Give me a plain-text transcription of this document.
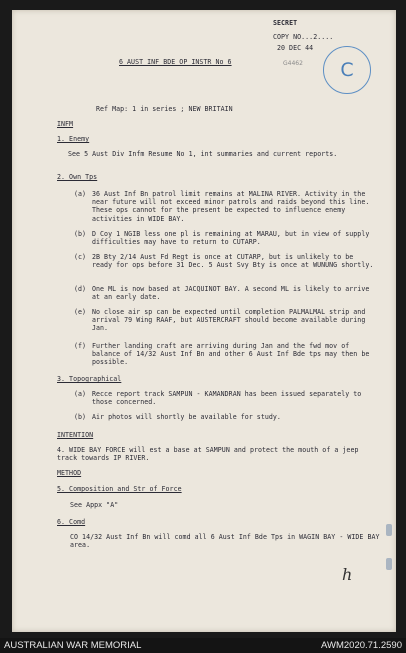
SECRET
COPY NO...2....
20 DEC 44
G4462 C
6 AUST INF BDE OP INSTR No 6
Ref Map: 1 in series ; NEW BRITAIN
INFM
1. Enemy
See 5 Aust Div Infm Resume No 1, int summaries and current reports.
2. Own Tps
(a) 36 Aust Inf Bn patrol limit remains at MALINA RIVER. Activity in the near future will not exceed minor patrols and raids beyond this line. These ops cannot for the present be expected to influence enemy activities in WIDE BAY.
(b) D Coy 1 NGIB less one pl is remaining at MARAU, but in view of supply difficulties may have to return to CUTARP.
(c) 2B Bty 2/14 Aust Fd Regt is once at CUTARP, but is unlikely to be ready for ops before 31 Dec. 5 Aust Svy Bty is once at WUNUNG shortly.
(d) One ML is now based at JACQUINOT BAY. A second ML is likely to arrive at an early date.
(e) No close air sp can be expected until completion PALMALMAL strip and arrival 79 Wing RAAF, but AUSTERCRAFT should become available during Jan.
(f) Further landing craft are arriving during Jan and the fwd mov of balance of 14/32 Aust Inf Bn and other 6 Aust Inf Bde tps may then be possible.
3. Topographical
(a) Recce report track SAMPUN - KAMANDRAN has been issued separately to those concerned.
(b) Air photos will shortly be available for study.
INTENTION
4. WIDE BAY FORCE will est a base at SAMPUN and protect the mouth of a jeep track towards IP RIVER.
METHOD
5. Composition and Str of Force
See Appx "A"
6. Comd
CO 14/32 Aust Inf Bn will comd all 6 Aust Inf Bde Tps in WAGIN BAY - WIDE BAY area.
ℎ
AUSTRALIAN WAR MEMORIAL	AWM2020.71.2590
